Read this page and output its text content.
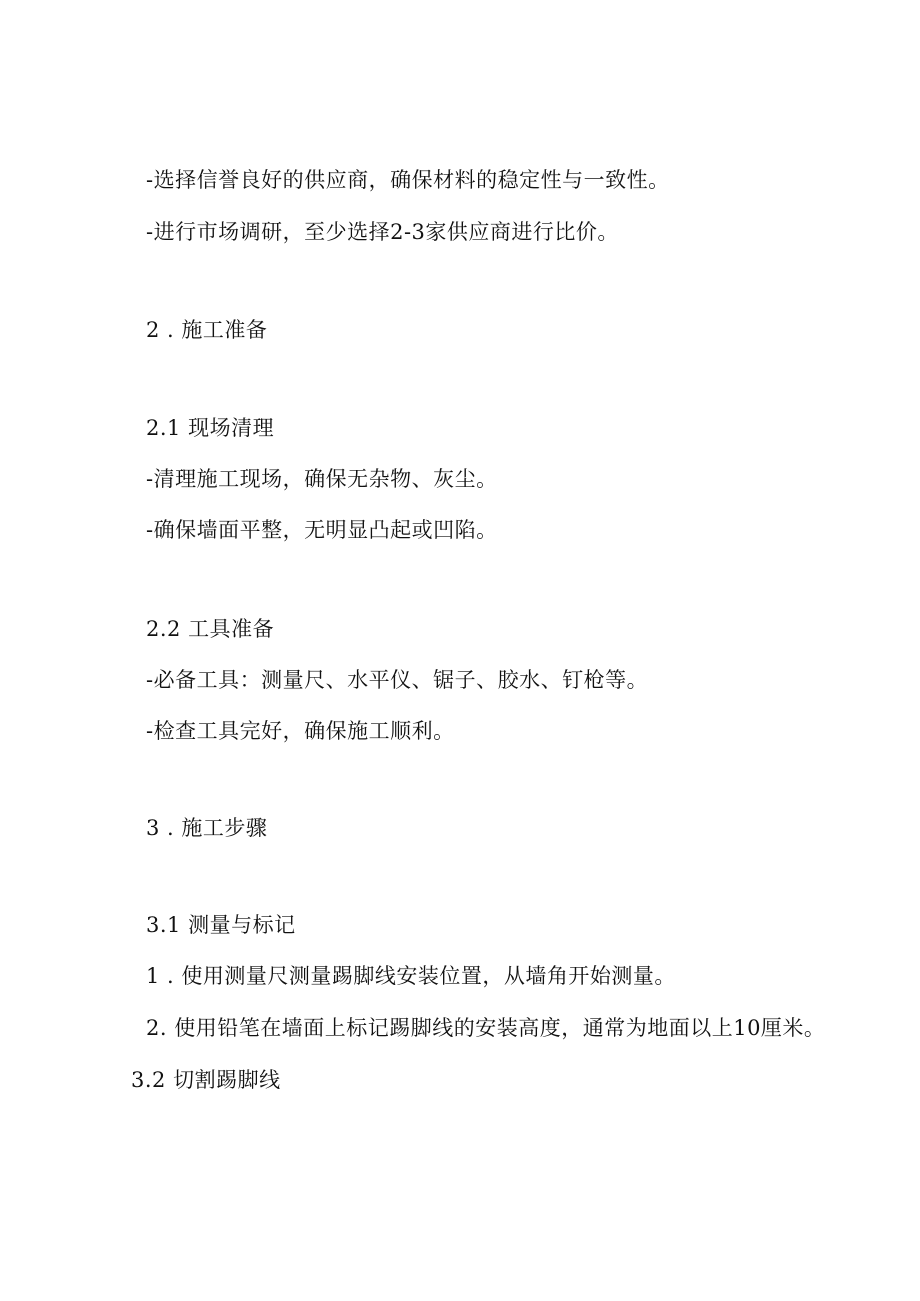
-选择信誉良好的供应商，确保材料的稳定性与一致性。
-进行市场调研，至少选择2-3家供应商进行比价。
2 . 施工准备
2.1 现场清理
-清理施工现场，确保无杂物、灰尘。
-确保墙面平整，无明显凸起或凹陷。
2.2 工具准备
-必备工具：测量尺、水平仪、锯子、胶水、钉枪等。
-检查工具完好，确保施工顺利。
3 . 施工步骤
3.1 测量与标记
1 . 使用测量尺测量踢脚线安装位置，从墙角开始测量。
2. 使用铅笔在墙面上标记踢脚线的安装高度，通常为地面以上10厘米。
3.2 切割踢脚线
